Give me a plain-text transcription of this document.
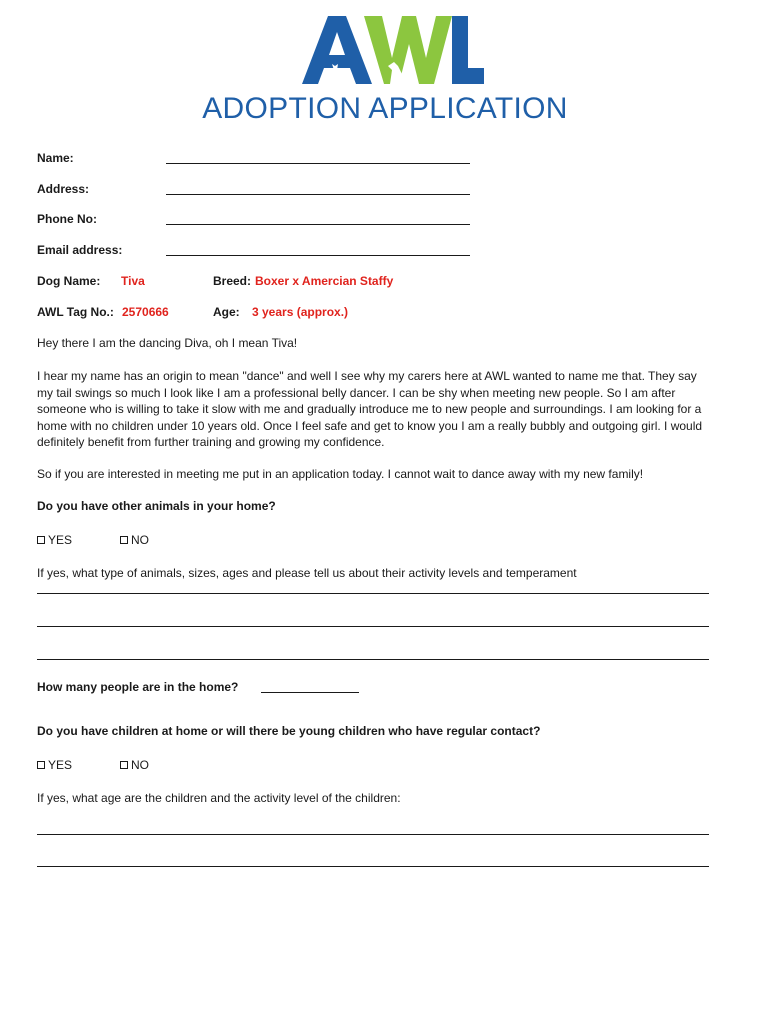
ADOPTION APPLICATION
Name:
Address:
Phone No:
Email address:
Dog Name: Tiva	Breed: Boxer x Amercian Staffy
AWL Tag No.: 2570666	Age: 3 years (approx.)
Hey there I am the dancing Diva, oh I mean Tiva!
I hear my name has an origin to mean "dance" and well I see why my carers here at AWL wanted to name me that. They say my tail swings so much I look like I am a professional belly dancer. I can be shy when meeting new people. So I am after someone who is willing to take it slow with me and gradually introduce me to new people and surroundings. I am looking for a home with no children under 10 years old. Once I feel safe and get to know you I am a really bubbly and outgoing girl. I would definitely benefit from further training and growing my confidence.
So if you are interested in meeting me put in an application today. I cannot wait to dance away with my new family!
Do you have other animals in your home?
YES	NO
If yes, what type of animals, sizes, ages and please tell us about their activity levels and temperament
How many people are in the home?
Do you have children at home or will there be young children who have regular contact?
YES	NO
If yes, what age are the children and the activity level of the children:
